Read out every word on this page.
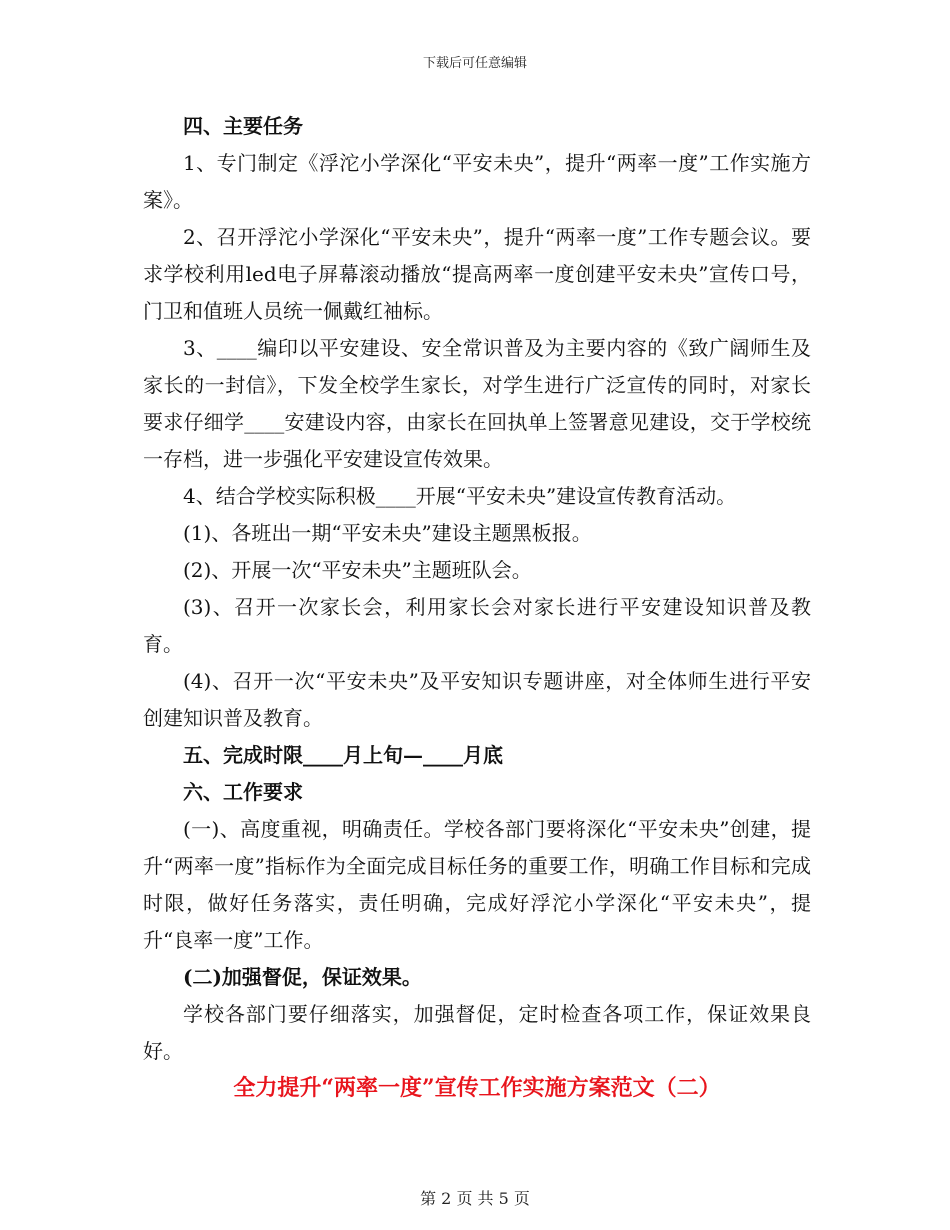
下载后可任意编辑

四、主要任务

1、专门制定《浮沱小学深化“平安未央”，提升“两率一度”工作实施方案》。

2、召开浮沱小学深化“平安未央”，提升“两率一度”工作专题会议。要求学校利用led电子屏幕滚动播放“提高两率一度创建平安未央”宣传口号，门卫和值班人员统一佩戴红袖标。

3、____编印以平安建设、安全常识普及为主要内容的《致广阔师生及家长的一封信》，下发全校学生家长，对学生进行广泛宣传的同时，对家长要求仔细学____安建设内容，由家长在回执单上签署意见建设，交于学校统一存档，进一步强化平安建设宣传效果。

4、结合学校实际积极____开展“平安未央”建设宣传教育活动。

(1)、各班出一期“平安未央”建设主题黑板报。

(2)、开展一次“平安未央”主题班队会。

(3)、召开一次家长会，利用家长会对家长进行平安建设知识普及教育。

(4)、召开一次“平安未央”及平安知识专题讲座，对全体师生进行平安创建知识普及教育。

五、完成时限____月上旬—____月底

六、工作要求

(一)、高度重视，明确责任。学校各部门要将深化“平安未央”创建，提升“两率一度”指标作为全面完成目标任务的重要工作，明确工作目标和完成时限，做好任务落实，责任明确，完成好浮沱小学深化“平安未央”，提升“良率一度”工作。

(二)加强督促，保证效果。

学校各部门要仔细落实，加强督促，定时检查各项工作，保证效果良好。

全力提升“两率一度”宣传工作实施方案范文（二）

第 2 页 共 5 页
